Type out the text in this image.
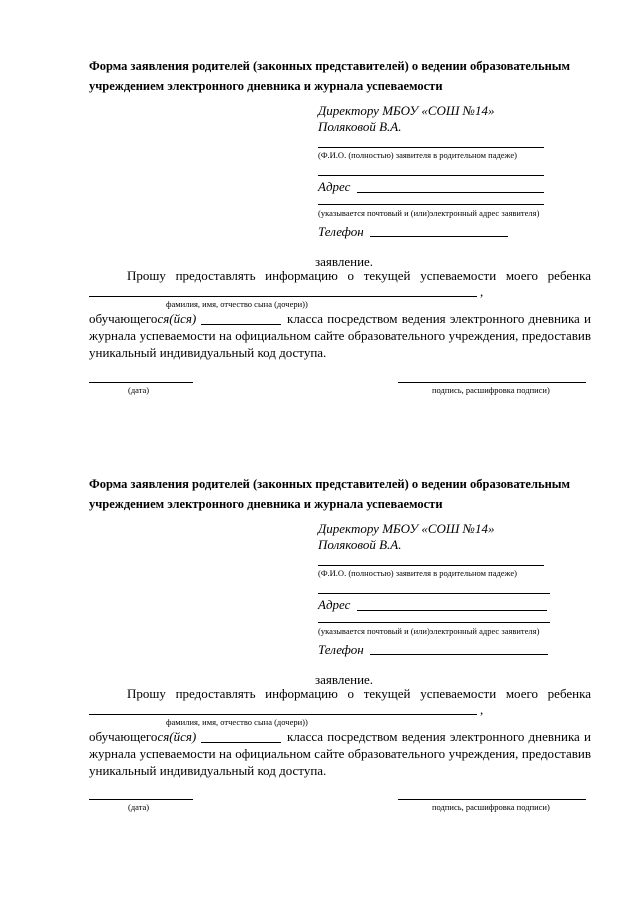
Форма заявления родителей (законных представителей) о ведении образовательным
учреждением электронного дневника и журнала успеваемости
Директору МБОУ «СОШ №14»
Поляковой В.А.
(Ф.И.О. (полностью) заявителя в родительном падеже)
Адрес
(указывается почтовый и (или)электронный адрес заявителя)
Телефон
заявление.
Прошу предоставлять информацию о текущей успеваемости моего ребенка
,
фамилия, имя, отчество сына (дочери))
обучающегося(йся)	класса посредством ведения электронного дневника и
журнала успеваемости на официальном сайте образовательного учреждения, предоставив
уникальный индивидуальный код доступа.
(дата)	подпись, расшифровка подписи)
Форма заявления родителей (законных представителей) о ведении образовательным
учреждением электронного дневника и журнала успеваемости
Директору МБОУ «СОШ №14»
Поляковой В.А.
(Ф.И.О. (полностью) заявителя в родительном падеже)
Адрес
(указывается почтовый и (или)электронный адрес заявителя)
Телефон
заявление.
Прошу предоставлять информацию о текущей успеваемости моего ребенка
,
фамилия, имя, отчество сына (дочери))
обучающегося(йся)	класса посредством ведения электронного дневника и
журнала успеваемости на официальном сайте образовательного учреждения, предоставив
уникальный индивидуальный код доступа.
(дата)	подпись, расшифровка подписи)
